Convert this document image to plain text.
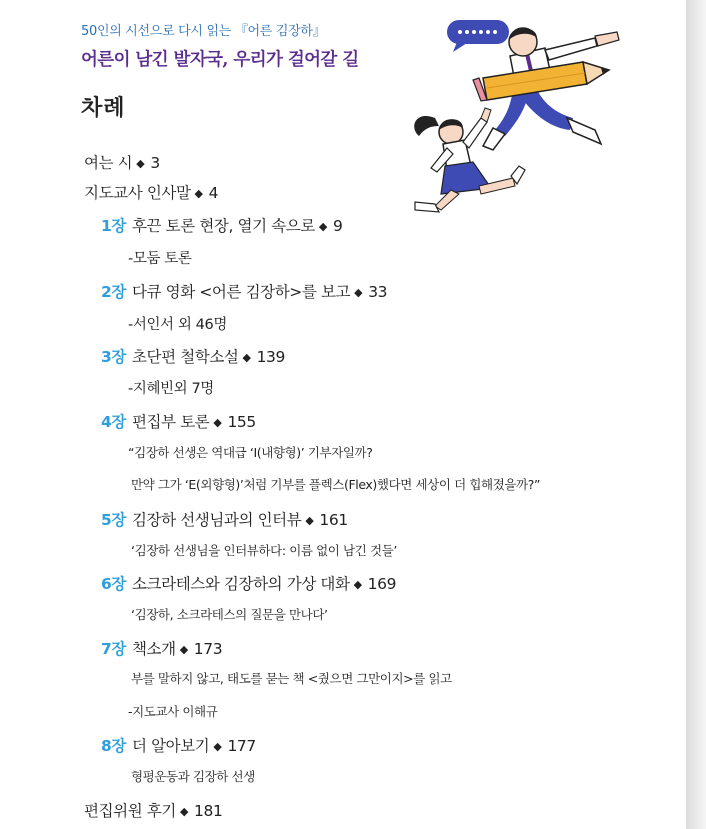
50인의 시선으로 다시 읽는 『어른 김장하』
어른이 남긴 발자국, 우리가 걸어갈 길
차례
여는 시 ◆ 3
지도교사 인사말 ◆ 4
1장 후끈 토론 현장, 열기 속으로 ◆ 9
-모둠 토론
2장 다큐 영화 <어른 김장하>를 보고 ◆ 33
-서인서 외 46명
3장 초단편 철학소설 ◆ 139
-지혜빈외 7명
4장 편집부 토론 ◆ 155
“김장하 선생은 역대급 ‘I(내향형)’ 기부자일까?
만약 그가 ‘E(외향형)’처럼 기부를 플렉스(Flex)했다면 세상이 더 힙해졌을까?”
5장 김장하 선생님과의 인터뷰 ◆ 161
‘김장하 선생님을 인터뷰하다: 이름 없이 남긴 것들’
6장 소크라테스와 김장하의 가상 대화 ◆ 169
‘김장하, 소크라테스의 질문을 만나다’
7장 책소개 ◆ 173
부를 말하지 않고, 태도를 묻는 책 <줬으면 그만이지>를 읽고
-지도교사 이해규
8장 더 알아보기 ◆ 177
형평운동과 김장하 선생
편집위원 후기 ◆ 181
